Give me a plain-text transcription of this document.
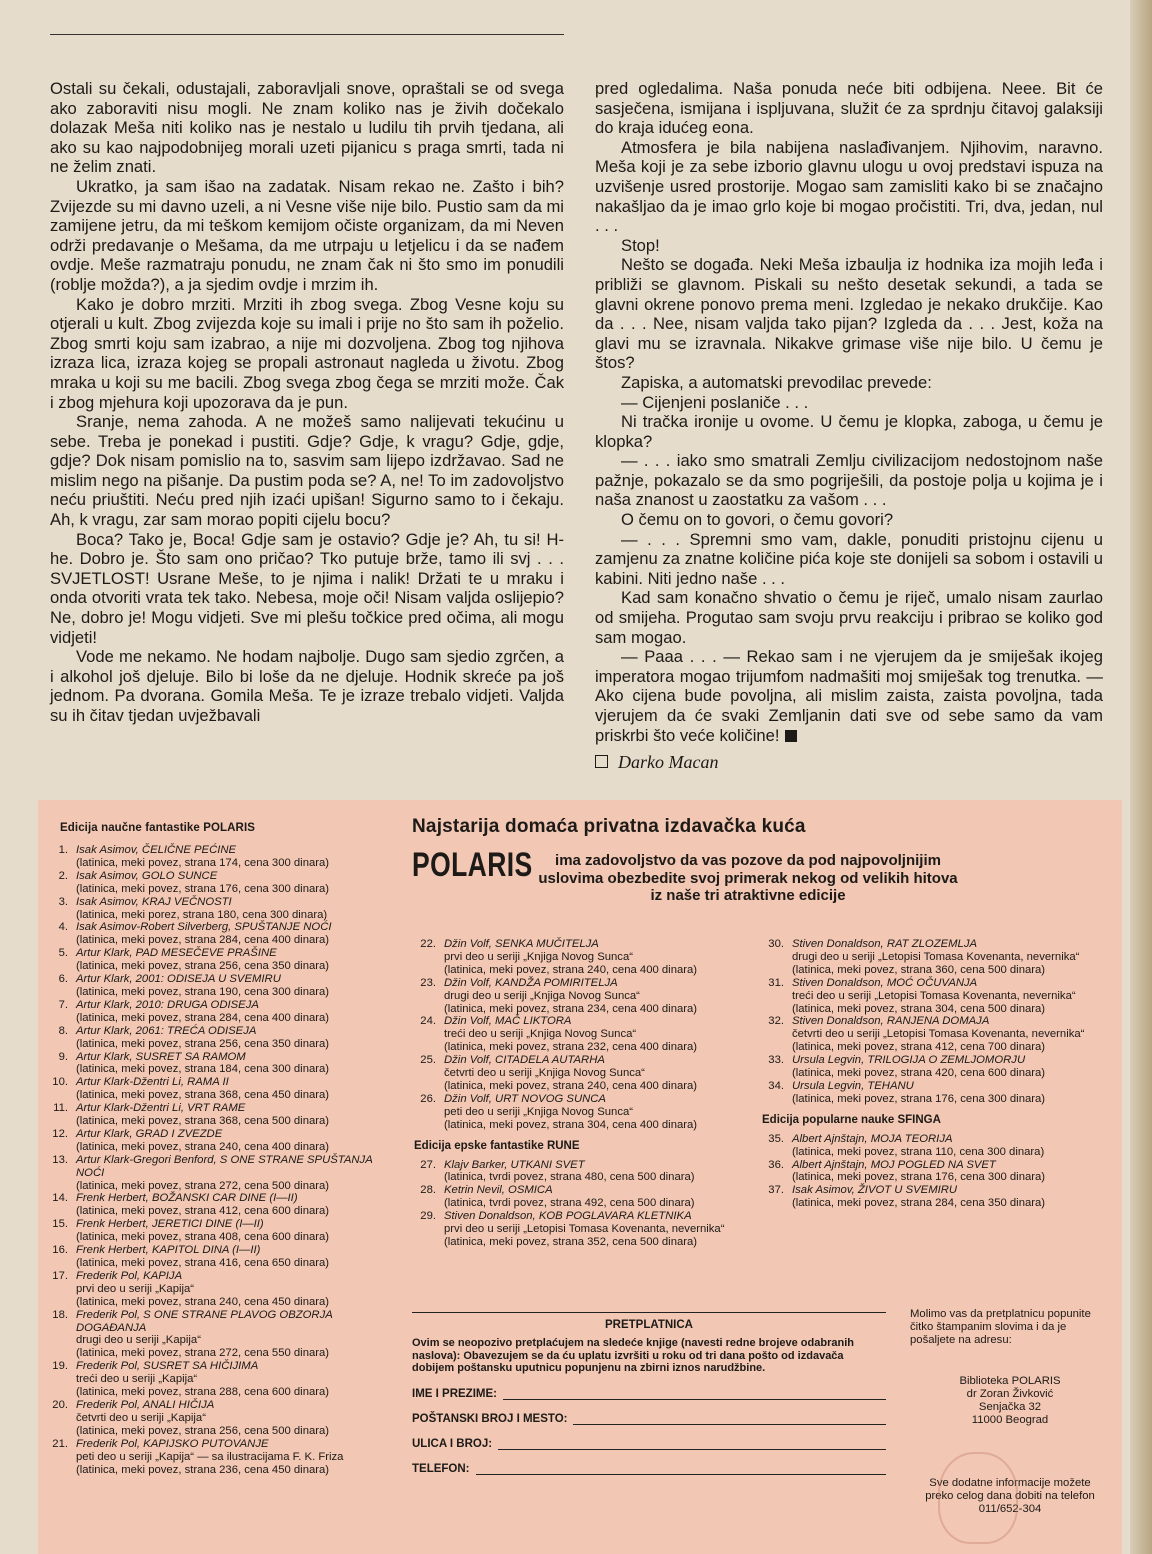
Ostali su čekali, odustajali, zaboravljali snove, opraštali se od svega ako zaboraviti nisu mogli. Ne znam koliko nas je živih dočekalo dolazak Meša niti koliko nas je nestalo u ludilu tih prvih tjedana, ali ako su kao najpodobnijeg morali uzeti pijanicu s praga smrti, tada ni ne želim znati.

Ukratko, ja sam išao na zadatak. Nisam rekao ne. Zašto i bih? Zvijezde su mi davno uzeli, a ni Vesne više nije bilo. Pustio sam da mi zamijene jetru, da mi teškom kemijom očiste organizam, da mi Neven održi predavanje o Mešama, da me utrpaju u letjelicu i da se nađem ovdje. Meše razmatraju ponudu, ne znam čak ni što smo im ponudili (roblje možda?), a ja sjedim ovdje i mrzim ih.

Kako je dobro mrziti. Mrziti ih zbog svega. Zbog Vesne koju su otjerali u kult. Zbog zvijezda koje su imali i prije no što sam ih poželio. Zbog smrti koju sam izabrao, a nije mi dozvoljena. Zbog tog njihova izraza lica, izraza kojeg se propali astronaut nagleda u životu. Zbog mraka u koji su me bacili. Zbog svega zbog čega se mrziti može. Čak i zbog mjehura koji upozorava da je pun.

Sranje, nema zahoda. A ne možeš samo nalijevati tekućinu u sebe. Treba je ponekad i pustiti. Gdje? Gdje, k vragu? Gdje, gdje, gdje? Dok nisam pomislio na to, sasvim sam lijepo izdržavao. Sad ne mislim nego na pišanje. Da pustim poda se? A, ne! To im zadovoljstvo neću priuštiti. Neću pred njih izaći upišan! Sigurno samo to i čekaju. Ah, k vragu, zar sam morao popiti cijelu bocu?

Boca? Tako je, Boca! Gdje sam je ostavio? Gdje je? Ah, tu si! H-he. Dobro je. Što sam ono pričao? Tko putuje brže, tamo ili svj . . . SVJETLOST! Usrane Meše, to je njima i nalik! Držati te u mraku i onda otvoriti vrata tek tako. Nebesa, moje oči! Nisam valjda oslijepio? Ne, dobro je! Mogu vidjeti. Sve mi plešu točkice pred očima, ali mogu vidjeti!

Vode me nekamo. Ne hodam najbolje. Dugo sam sjedio zgrčen, a i alkohol još djeluje. Bilo bi loše da ne djeluje. Hodnik skreće pa još jednom. Pa dvorana. Gomila Meša. Te je izraze trebalo vidjeti. Valjda su ih čitav tjedan uvježbavali

pred ogledalima. Naša ponuda neće biti odbijena. Neee. Bit će sasječena, ismijana i ispljuvana, služit će za sprdnju čitavoj galaksiji do kraja idućeg eona.

Atmosfera je bila nabijena naslađivanjem. Njihovim, naravno. Meša koji je za sebe izborio glavnu ulogu u ovoj predstavi ispuza na uzvišenje usred prostorije. Mogao sam zamisliti kako bi se značajno nakašljao da je imao grlo koje bi mogao pročistiti. Tri, dva, jedan, nul . . .

Stop!

Nešto se događa. Neki Meša izbaulja iz hodnika iza mojih leđa i približi se glavnom. Piskali su nešto desetak sekundi, a tada se glavni okrene ponovo prema meni. Izgledao je nekako drukčije. Kao da . . . Nee, nisam valjda tako pijan? Izgleda da . . . Jest, koža na glavi mu se izravnala. Nikakve grimase više nije bilo. U čemu je štos?

Zapiska, a automatski prevodilac prevede:

— Cijenjeni poslaniče . . .

Ni tračka ironije u ovome. U čemu je klopka, zaboga, u čemu je klopka?

— . . . iako smo smatrali Zemlju civilizacijom nedostojnom naše pažnje, pokazalo se da smo pogriješili, da postoje polja u kojima je i naša znanost u zaostatku za vašom . . .

O čemu on to govori, o čemu govori?

— . . . Spremni smo vam, dakle, ponuditi pristojnu cijenu u zamjenu za znatne količine pića koje ste donijeli sa sobom i ostavili u kabini. Niti jedno naše . . .

Kad sam konačno shvatio o čemu je riječ, umalo nisam zaurlao od smijeha. Progutao sam svoju prvu reakciju i pribrao se koliko god sam mogao.

— Paaa . . . — Rekao sam i ne vjerujem da je smiješak ikojeg imperatora mogao trijumfom nadmašiti moj smiješak tog trenutka. — Ako cijena bude povoljna, ali mislim zaista, zaista povoljna, tada vjerujem da će svaki Zemljanin dati sve od sebe samo da vam priskrbi što veće količine!

Darko Macan

Edicija naučne fantastike POLARIS
1. Isak Asimov, ČELIČNE PEĆINE
(latinica, meki povez, strana 174, cena 300 dinara)
2. Isak Asimov, GOLO SUNCE
(latinica, meki povez, strana 176, cena 300 dinara)
3. Isak Asimov, KRAJ VEČNOSTI
(latinica, meki porez, strana 180, cena 300 dinara)
4. Isak Asimov-Robert Silverberg, SPUŠTANJE NOĆI
(latinica, meki povez, strana 284, cena 400 dinara)
5. Artur Klark, PAD MESEČEVE PRAŠINE
(latinica, meki povez, strana 256, cena 350 dinara)
6. Artur Klark, 2001: ODISEJA U SVEMIRU
(latinica, meki povez, strana 190, cena 300 dinara)
7. Artur Klark, 2010: DRUGA ODISEJA
(latinica, meki povez, strana 284, cena 400 dinara)
8. Artur Klark, 2061: TREĆA ODISEJA
(latinica, meki povez, strana 256, cena 350 dinara)
9. Artur Klark, SUSRET SA RAMOM
(latinica, meki povez, strana 184, cena 300 dinara)
10. Artur Klark-Džentri Li, RAMA II
(latinica, meki povez, strana 368, cena 450 dinara)
11. Artur Klark-Džentri Li, VRT RAME
(latinica, meki povez, strana 368, cena 500 dinara)
12. Artur Klark, GRAD I ZVEZDE
(latinica, meki povez, strana 240, cena 400 dinara)
13. Artur Klark-Gregori Benford, S ONE STRANE SPUŠTANJA NOĆI
(latinica, meki povez, strana 272, cena 500 dinara)
14. Frenk Herbert, BOŽANSKI CAR DINE (I—II)
(latinica, meki povez, strana 412, cena 600 dinara)
15. Frenk Herbert, JERETICI DINE (I—II)
(latinica, meki povez, strana 408, cena 600 dinara)
16. Frenk Herbert, KAPITOL DINA (I—II)
(latinica, meki povez, strana 416, cena 650 dinara)
17. Frederik Pol, KAPIJA
prvi deo u seriji „Kapija“
(latinica, meki povez, strana 240, cena 450 dinara)
18. Frederik Pol, S ONE STRANE PLAVOG OBZORJA DOGAĐANJA
drugi deo u seriji „Kapija“
(latinica, meki povez, strana 272, cena 550 dinara)
19. Frederik Pol, SUSRET SA HIČIJIMA
treći deo u seriji „Kapija“
(latinica, meki povez, strana 288, cena 600 dinara)
20. Frederik Pol, ANALI HIČIJA
četvrti deo u seriji „Kapija“
(latinica, meki povez, strana 256, cena 500 dinara)
21. Frederik Pol, KAPIJSKO PUTOVANJE
peti deo u seriji „Kapija“ — sa ilustracijama F. K. Friza
(latinica, meki povez, strana 236, cena 450 dinara)
Najstarija domaća privatna izdavačka kuća
POLARIS	ima zadovoljstvo da vas pozove da pod najpovoljnijim uslovima obezbedite svoj primerak nekog od velikih hitova iz naše tri atraktivne edicije
22. Džin Volf, SENKA MUČITELJA
prvi deo u seriji „Knjiga Novog Sunca“
(latinica, meki povez, strana 240, cena 400 dinara)
23. Džin Volf, KANDŽA POMIRITELJA
drugi deo u seriji „Knjiga Novog Sunca“
(latinica, meki povez, strana 234, cena 400 dinara)
24. Džin Volf, MAČ LIKTORA
treći deo u seriji „Knjiga Novog Sunca“
(latinica, meki povez, strana 232, cena 400 dinara)
25. Džin Volf, CITADELA AUTARHA
četvrti deo u seriji „Knjiga Novog Sunca“
(latinica, meki povez, strana 240, cena 400 dinara)
26. Džin Volf, URT NOVOG SUNCA
peti deo u seriji „Knjiga Novog Sunca“
(latinica, meki povez, strana 304, cena 400 dinara)
Edicija epske fantastike RUNE
27. Klajv Barker, UTKANI SVET
(latinica, tvrdi povez, strana 480, cena 500 dinara)
28. Ketrin Nevil, OSMICA
(latinica, tvrdi povez, strana 492, cena 500 dinara)
29. Stiven Donaldson, KOB POGLAVARA KLETNIKA
prvi deo u seriji „Letopisi Tomasa Kovenanta, nevernika“
(latinica, meki povez, strana 352, cena 500 dinara)
30. Stiven Donaldson, RAT ZLOZEMLJA
drugi deo u seriji „Letopisi Tomasa Kovenanta, nevernika“
(latinica, meki povez, strana 360, cena 500 dinara)
31. Stiven Donaldson, MOĆ OČUVANJA
treći deo u seriji „Letopisi Tomasa Kovenanta, nevernika“
(latinica, meki povez, strana 304, cena 500 dinara)
32. Stiven Donaldson, RANJENA DOMAJA
četvrti deo u seriji „Letopisi Tomasa Kovenanta, nevernika“
(latinica, meki povez, strana 412, cena 700 dinara)
33. Ursula Legvin, TRILOGIJA O ZEMLJOMORJU
(latinica, meki povez, strana 420, cena 600 dinara)
34. Ursula Legvin, TEHANU
(latinica, meki povez, strana 176, cena 300 dinara)
Edicija popularne nauke SFINGA
35. Albert Ajnštajn, MOJA TEORIJA
(latinica, meki povez, strana 110, cena 300 dinara)
36. Albert Ajnštajn, MOJ POGLED NA SVET
(latinica, meki povez, strana 176, cena 300 dinara)
37. Isak Asimov, ŽIVOT U SVEMIRU
(latinica, meki povez, strana 284, cena 350 dinara)
PRETPLATNICA
Ovim se neopozivo pretplaćujem na sledeće knjige (navesti redne brojeve odabranih naslova): Obavezujem se da ću uplatu izvršiti u roku od tri dana pošto od izdavača dobijem poštansku uputnicu popunjenu na zbirni iznos narudžbine.
IME I PREZIME:
POŠTANSKI BROJ I MESTO:
ULICA I BROJ:
TELEFON:
Molimo vas da pretplatnicu popunite čitko štampanim slovima i da je pošaljete na adresu:
Biblioteka POLARIS
dr Zoran Živković
Senjačka 32
11000 Beograd
Sve dodatne informacije možete
preko celog dana dobiti na telefon
011/652-304
